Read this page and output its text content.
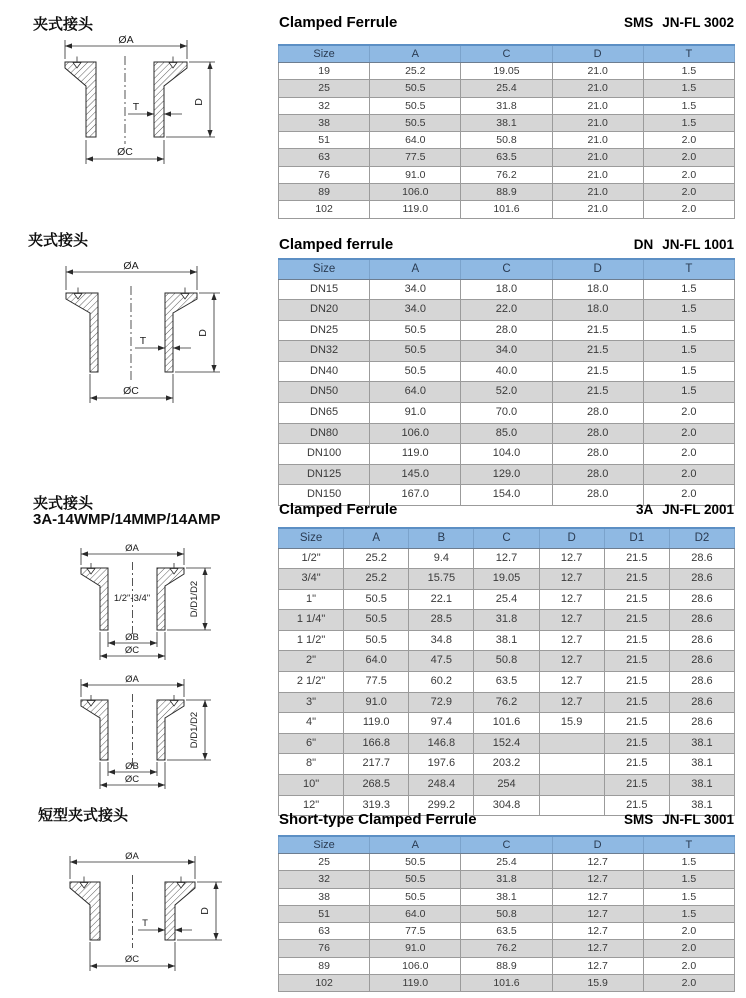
夹式接头
ØA
D
T
ØC
Clamped Ferrule	SMS JN-FL 3002
Size	A	C	D	T
19	25.2	19.05	21.0	1.5
25	50.5	25.4	21.0	1.5
32	50.5	31.8	21.0	1.5
38	50.5	38.1	21.0	1.5
51	64.0	50.8	21.0	2.0
63	77.5	63.5	21.0	2.0
76	91.0	76.2	21.0	2.0
89	106.0	88.9	21.0	2.0
102	119.0	101.6	21.0	2.0
夹式接头
ØA
D
T
ØC
Clamped ferrule	DN JN-FL 1001
Size	A	C	D	T
DN15	34.0	18.0	18.0	1.5
DN20	34.0	22.0	18.0	1.5
DN25	50.5	28.0	21.5	1.5
DN32	50.5	34.0	21.5	1.5
DN40	50.5	40.0	21.5	1.5
DN50	64.0	52.0	21.5	1.5
DN65	91.0	70.0	28.0	2.0
DN80	106.0	85.0	28.0	2.0
DN100	119.0	104.0	28.0	2.0
DN125	145.0	129.0	28.0	2.0
DN150	167.0	154.0	28.0	2.0
夹式接头
3A-14WMP/14MMP/14AMP
ØA
1/2"-3/4"	D/D1/D2
ØB
ØC
ØA
D/D1/D2
ØB
ØC
Clamped Ferrule	3A JN-FL 2001
Size	A	B	C	D	D1	D2
1/2"	25.2	9.4	12.7	12.7	21.5	28.6
3/4"	25.2	15.75	19.05	12.7	21.5	28.6
1"	50.5	22.1	25.4	12.7	21.5	28.6
1 1/4"	50.5	28.5	31.8	12.7	21.5	28.6
1 1/2"	50.5	34.8	38.1	12.7	21.5	28.6
2"	64.0	47.5	50.8	12.7	21.5	28.6
2 1/2"	77.5	60.2	63.5	12.7	21.5	28.6
3"	91.0	72.9	76.2	12.7	21.5	28.6
4"	119.0	97.4	101.6	15.9	21.5	28.6
6"	166.8	146.8	152.4		21.5	38.1
8"	217.7	197.6	203.2		21.5	38.1
10"	268.5	248.4	254		21.5	38.1
12"	319.3	299.2	304.8		21.5	38.1
短型夹式接头
ØA
D
T
ØC
Short-type Clamped Ferrule	SMS JN-FL 3001
Size	A	C	D	T
25	50.5	25.4	12.7	1.5
32	50.5	31.8	12.7	1.5
38	50.5	38.1	12.7	1.5
51	64.0	50.8	12.7	1.5
63	77.5	63.5	12.7	2.0
76	91.0	76.2	12.7	2.0
89	106.0	88.9	12.7	2.0
102	119.0	101.6	15.9	2.0
